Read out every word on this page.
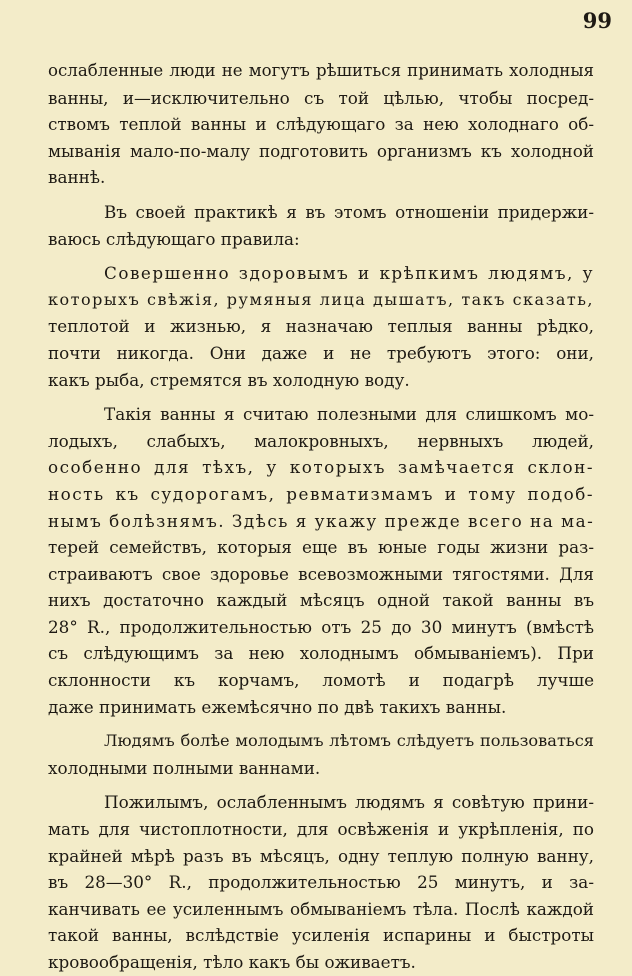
99
ослабленные люди не могутъ рѣшиться принимать холодныя
ванны, и—исключительно съ той цѣлью, чтобы посред-
ствомъ теплой ванны и слѣдующаго за нею холоднаго об-
мыванія мало-по-малу подготовить организмъ къ холодной
ваннѣ.
Въ своей практикѣ я въ этомъ отношеніи придержи-
ваюсь слѣдующаго правила:
Совершенно здоровымъ и крѣпкимъ людямъ, у
которыхъ свѣжія, румяныя лица дышатъ, такъ сказать,
теплотой и жизнью, я назначаю теплыя ванны рѣдко,
почти никогда. Они даже и не требуютъ этого: они,
какъ рыба, стремятся въ холодную воду.
Такія ванны я считаю полезными для слишкомъ мо-
лодыхъ, слабыхъ, малокровныхъ, нервныхъ людей,
особенно для тѣхъ, у которыхъ замѣчается склон-
ность къ судорогамъ, ревматизмамъ и тому подоб-
нымъ болѣзнямъ. Здѣсь я укажу прежде всего на ма-
терей семействъ, которыя еще въ юные годы жизни раз-
страиваютъ свое здоровье всевозможными тягостями. Для
нихъ достаточно каждый мѣсяцъ одной такой ванны въ
28° R., продолжительностью отъ 25 до 30 минутъ (вмѣстѣ
съ слѣдующимъ за нею холоднымъ обмываніемъ). При
склонности къ корчамъ, ломотѣ и подагрѣ лучше
даже принимать ежемѣсячно по двѣ такихъ ванны.
Людямъ болѣе молодымъ лѣтомъ слѣдуетъ пользоваться
холодными полными ваннами.
Пожилымъ, ослабленнымъ людямъ я совѣтую прини-
мать для чистоплотности, для освѣженія и укрѣпленія, по
крайней мѣрѣ разъ въ мѣсяцъ, одну теплую полную ванну,
въ 28—30° R., продолжительностью 25 минутъ, и за-
канчивать ее усиленнымъ обмываніемъ тѣла. Послѣ каждой
такой ванны, вслѣдствіе усиленія испарины и быстроты
кровообращенія, тѣло какъ бы оживаетъ.
